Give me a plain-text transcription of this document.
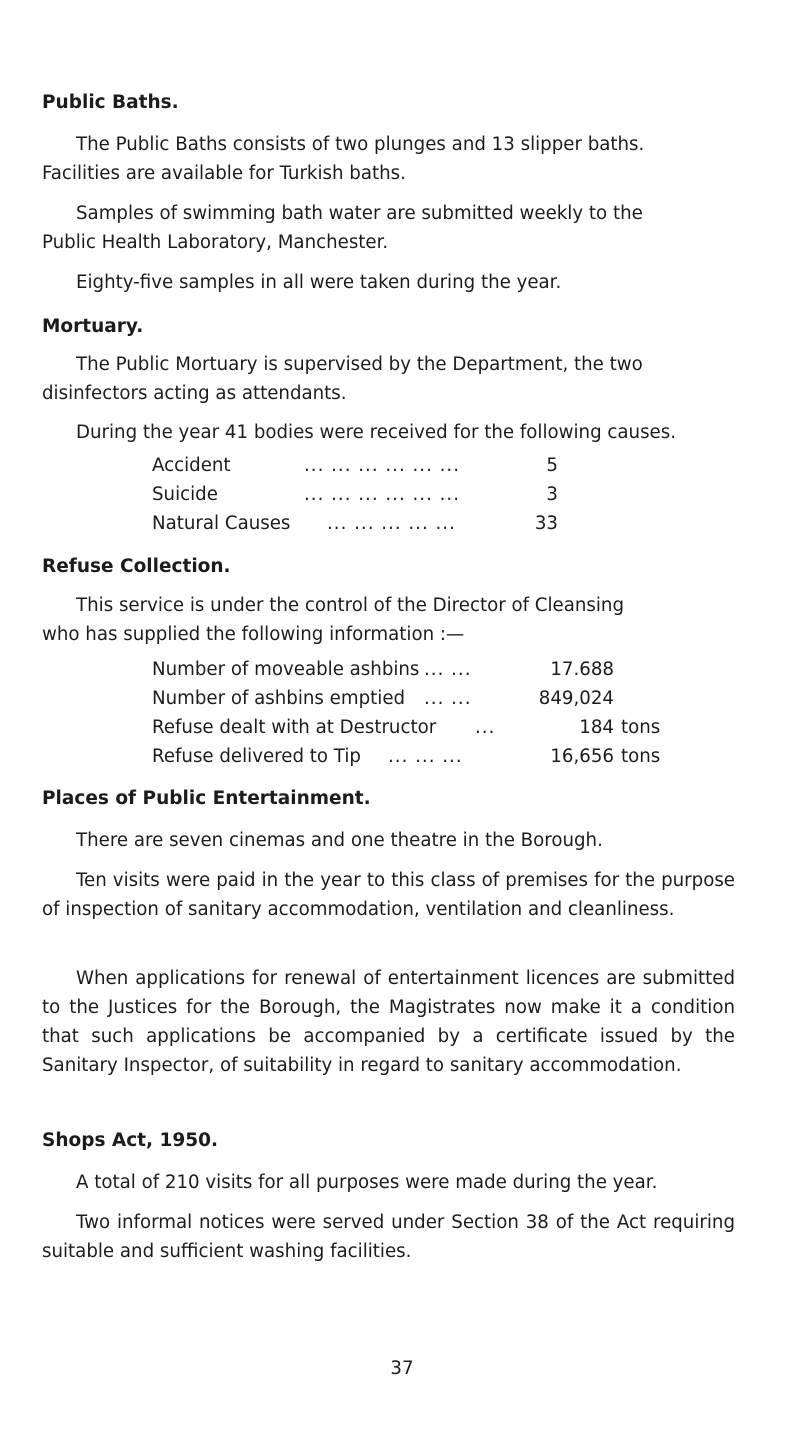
Public Baths.

The Public Baths consists of two plunges and 13 slipper baths.

Facilities are available for Turkish baths.

Samples of swimming bath water are submitted weekly to the

Public Health Laboratory, Manchester.

Eighty-five samples in all were taken during the year.

Mortuary.

The Public Mortuary is supervised by the Department, the two

disinfectors acting as attendants.

During the year 41 bodies were received for the following causes.

Accident	... ... ... ... ... ...	5
Suicide	... ... ... ... ... ...	3
Natural Causes ... ... ... ... ...	33
Refuse Collection.

This service is under the control of the Director of Cleansing

who has supplied the following information :—

Number of moveable ashbins ... ...	17.688
Number of ashbins emptied ... ...	849,024
Refuse dealt with at Destructor ...	184 tons
Refuse delivered to Tip ... ... ...	16,656 tons
Places of Public Entertainment.

There are seven cinemas and one theatre in the Borough.

Ten visits were paid in the year to this class of premises for the purpose of inspection of sanitary accommodation, ventilation and cleanliness.

When applications for renewal of entertainment licences are submitted to the Justices for the Borough, the Magistrates now make it a condition that such applications be accompanied by a certificate issued by the Sanitary Inspector, of suitability in regard to sanitary accommodation.

Shops Act, 1950.

A total of 210 visits for all purposes were made during the year.

Two informal notices were served under Section 38 of the Act requiring suitable and sufficient washing facilities.

37
